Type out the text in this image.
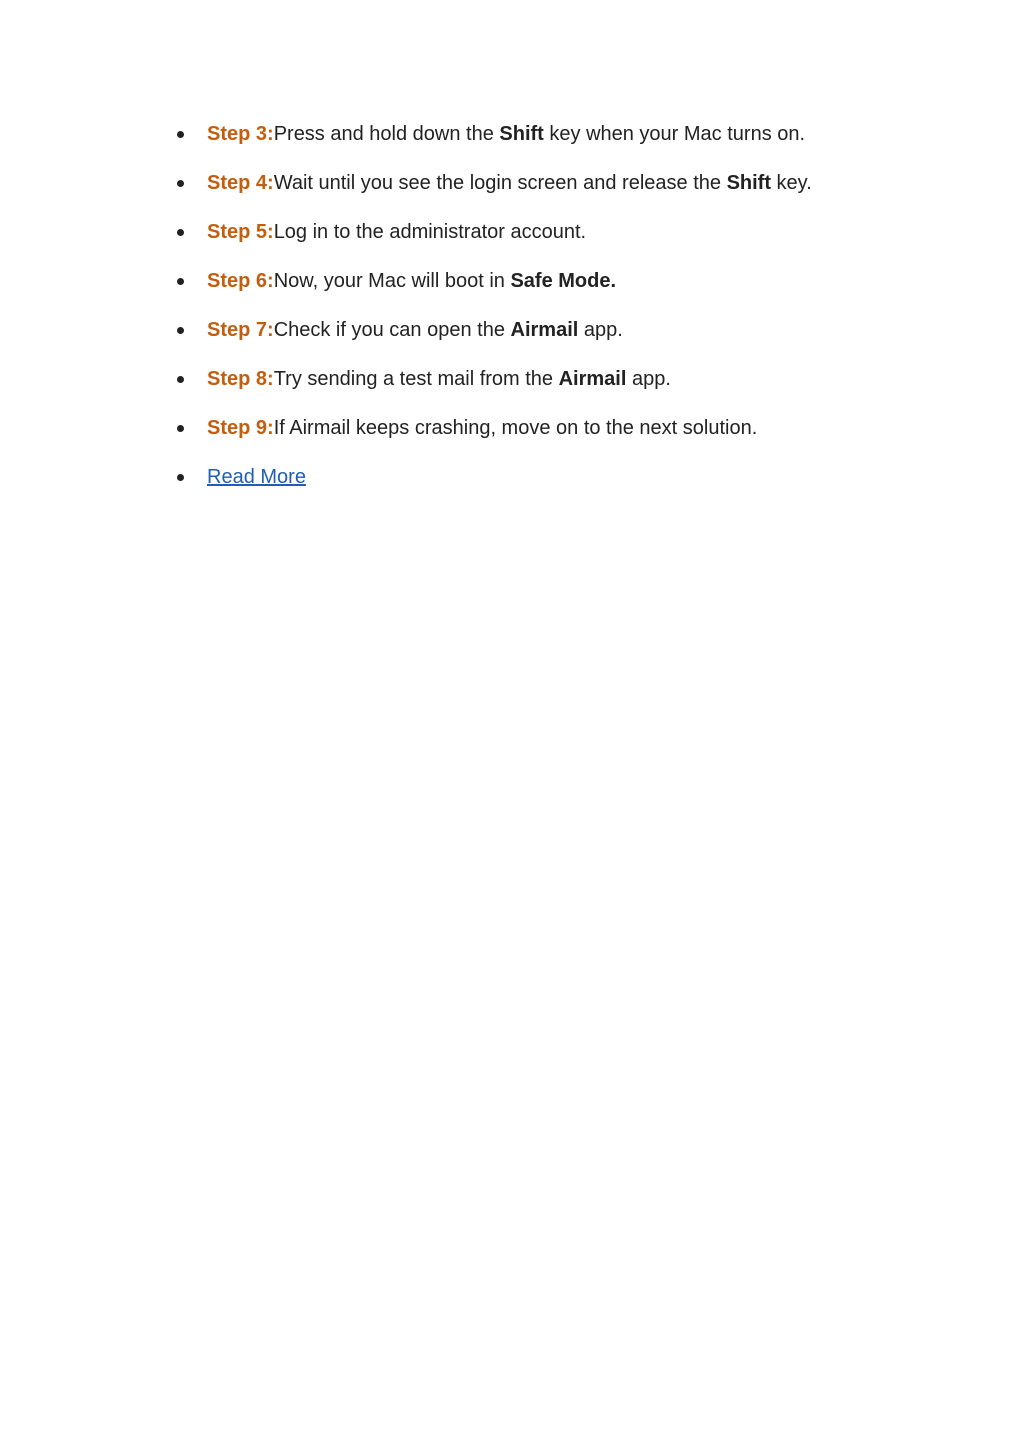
Step 3:Press and hold down the Shift key when your Mac turns on.
Step 4:Wait until you see the login screen and release the Shift key.
Step 5:Log in to the administrator account.
Step 6:Now, your Mac will boot in Safe Mode.
Step 7:Check if you can open the Airmail app.
Step 8:Try sending a test mail from the Airmail app.
Step 9:If Airmail keeps crashing, move on to the next solution.
Read More
